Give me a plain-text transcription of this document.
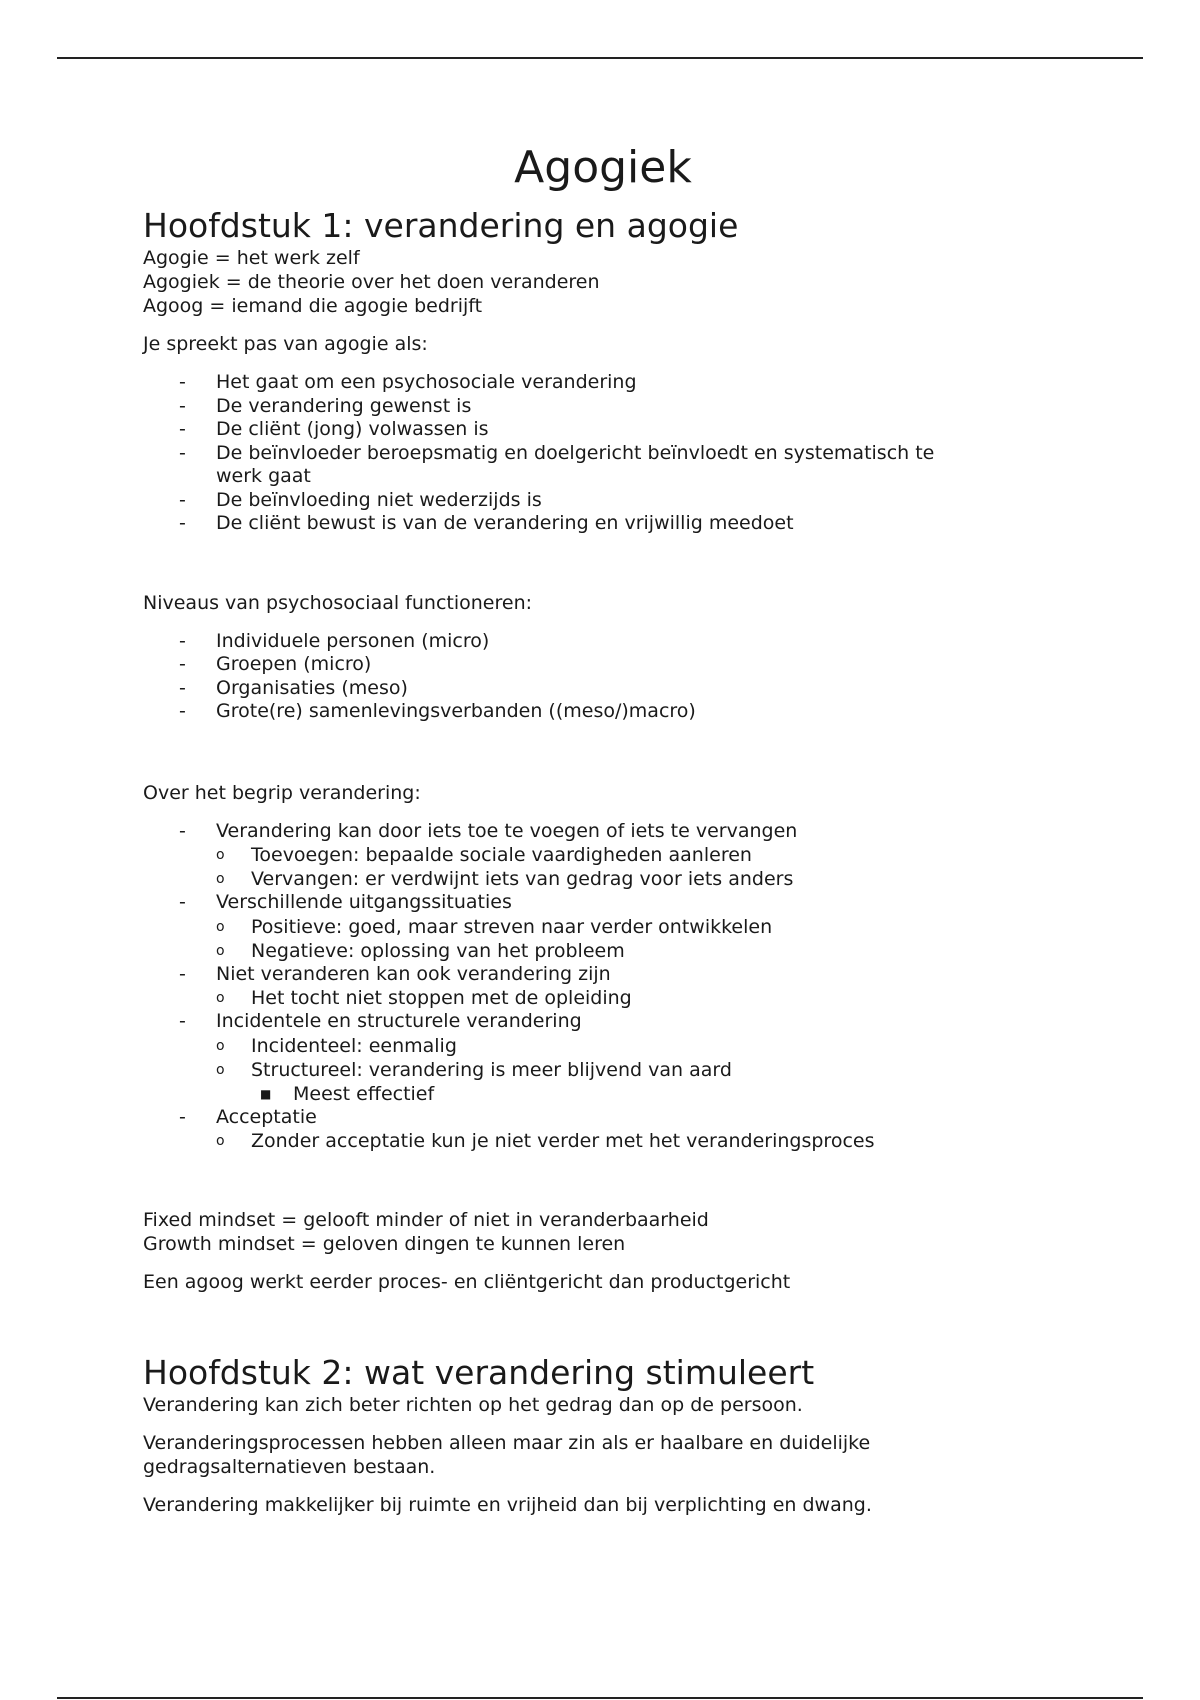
Agogiek
Hoofdstuk 1: verandering en agogie

Agogie = het werk zelf

Agogiek = de theorie over het doen veranderen

Agoog = iemand die agogie bedrijft

Je spreekt pas van agogie als:

- Het gaat om een psychosociale verandering
- De verandering gewenst is
- De cliënt (jong) volwassen is
- De beïnvloeder beroepsmatig en doelgericht beïnvloedt en systematisch te werk gaat
- De beïnvloeding niet wederzijds is
- De cliënt bewust is van de verandering en vrijwillig meedoet

Niveaus van psychosociaal functioneren:

- Individuele personen (micro)
- Groepen (micro)
- Organisaties (meso)
- Grote(re) samenlevingsverbanden ((meso/)macro)

Over het begrip verandering:

- Verandering kan door iets toe te voegen of iets te vervangen
o Toevoegen: bepaalde sociale vaardigheden aanleren
o Vervangen: er verdwijnt iets van gedrag voor iets anders
- Verschillende uitgangssituaties
o Positieve: goed, maar streven naar verder ontwikkelen
o Negatieve: oplossing van het probleem
- Niet veranderen kan ook verandering zijn
o Het tocht niet stoppen met de opleiding
- Incidentele en structurele verandering
o Incidenteel: eenmalig
o Structureel: verandering is meer blijvend van aard
■ Meest effectief
- Acceptatie
o Zonder acceptatie kun je niet verder met het veranderingsproces

Fixed mindset = gelooft minder of niet in veranderbaarheid

Growth mindset = geloven dingen te kunnen leren

Een agoog werkt eerder proces- en cliëntgericht dan productgericht

Hoofdstuk 2: wat verandering stimuleert

Verandering kan zich beter richten op het gedrag dan op de persoon.

Veranderingsprocessen hebben alleen maar zin als er haalbare en duidelijke gedragsalternatieven bestaan.

Verandering makkelijker bij ruimte en vrijheid dan bij verplichting en dwang.
